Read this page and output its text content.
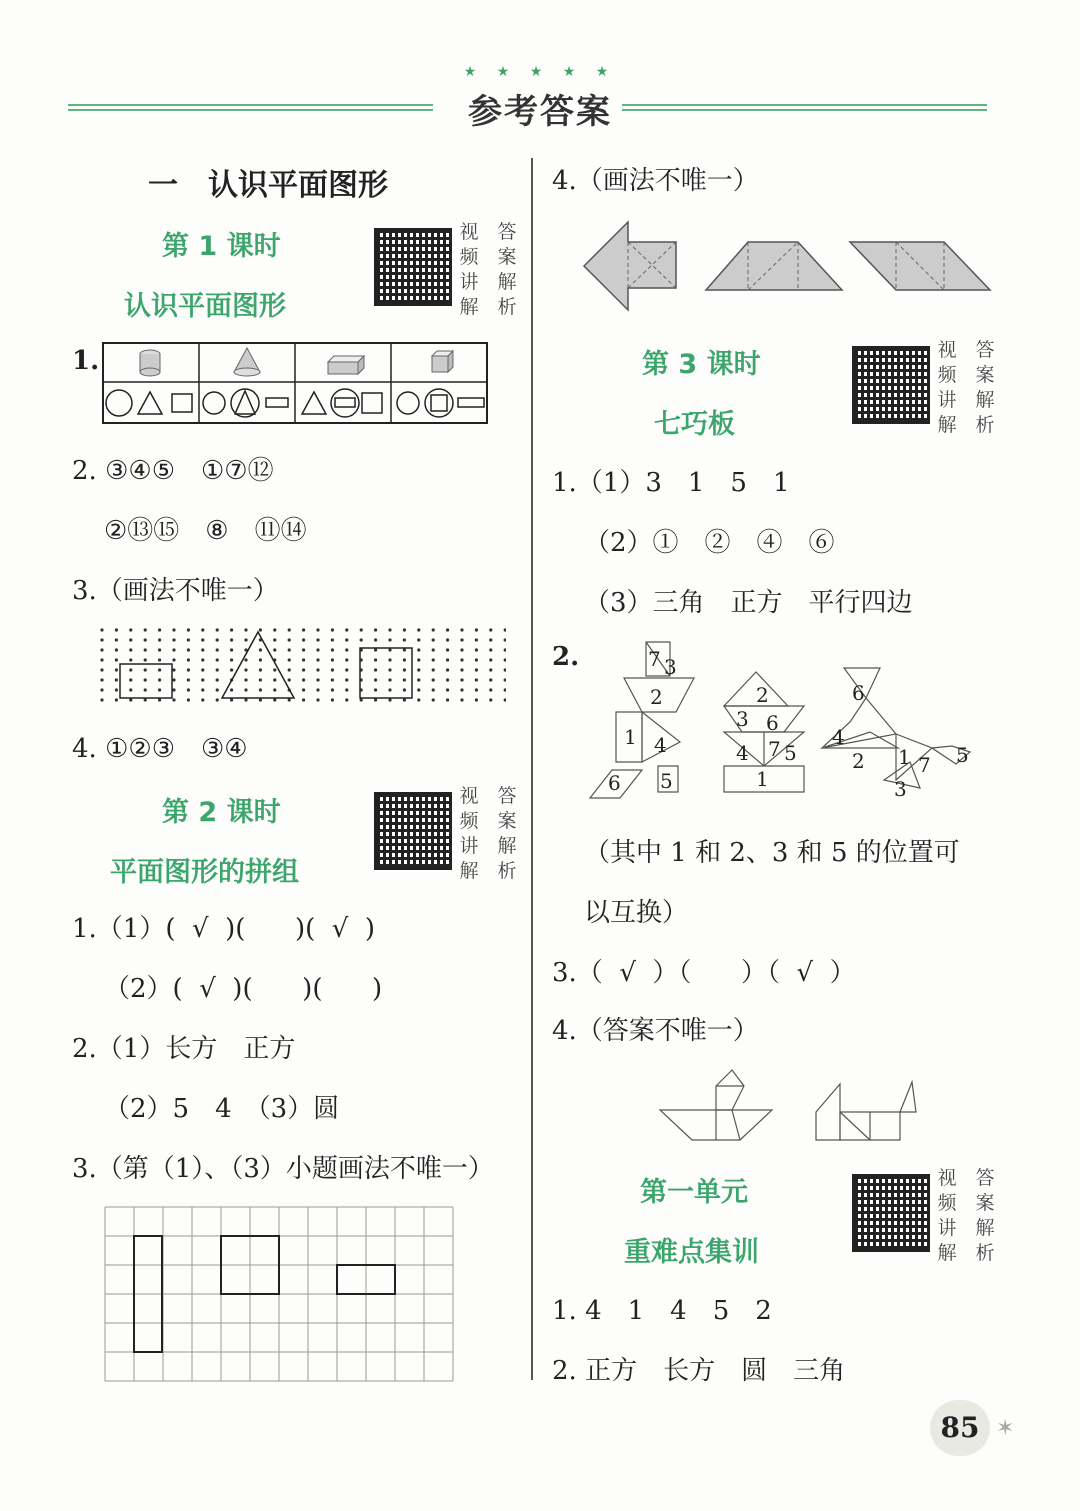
★ ★ ★ ★ ★
参考答案
一　认识平面图形
第 1 课时
认识平面图形
视 答
频 案
讲 解
解 析
1.
2. ③④⑤　①⑦⑫
②⑬⑮　⑧　⑪⑭
3.（画法不唯一）
4. ①②③　③④
第 2 课时
平面图形的拼组
视 答
频 案
讲 解
解 析
1.（1）(  √  )(      )(  √  )
（2）(  √  )(      )(      )
2.（1）长方　正方
（2）5　4　（3）圆
3.（第（1）、（3）小题画法不唯一）
4.（画法不唯一）
第 3 课时
七巧板
视 答
频 案
讲 解
解 析
1.（1）3　1　5　1
（2）①　②　④　⑥
（3）三角　正方　平行四边
2.	7 3
2
1 4
6 5
2
3 6
4 7 5
1
6
4
2 1 7 5
3
（其中 1 和 2、3 和 5 的位置可
以互换）
3.（  √  ）（      ）（  √  ）
4.（答案不唯一）
第一单元
重难点集训
视 答
频 案
讲 解
解 析
1. 4　1　4　5　2
2. 正方　长方　圆　三角
85 ✶
